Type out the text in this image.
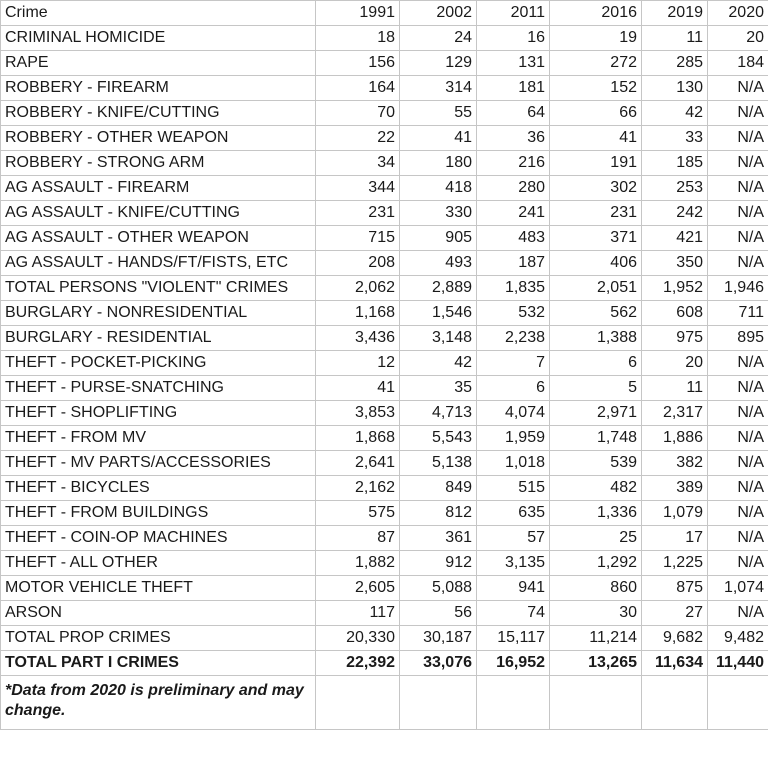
Crime	1991	2002	2011	2016	2019	2020
CRIMINAL HOMICIDE	18	24	16	19	11	20
RAPE	156	129	131	272	285	184
ROBBERY - FIREARM	164	314	181	152	130	N/A
ROBBERY - KNIFE/CUTTING	70	55	64	66	42	N/A
ROBBERY - OTHER WEAPON	22	41	36	41	33	N/A
ROBBERY - STRONG ARM	34	180	216	191	185	N/A
AG ASSAULT - FIREARM	344	418	280	302	253	N/A
AG ASSAULT - KNIFE/CUTTING	231	330	241	231	242	N/A
AG ASSAULT - OTHER WEAPON	715	905	483	371	421	N/A
AG ASSAULT - HANDS/FT/FISTS, ETC	208	493	187	406	350	N/A
TOTAL PERSONS "VIOLENT" CRIMES	2,062	2,889	1,835	2,051	1,952	1,946
BURGLARY - NONRESIDENTIAL	1,168	1,546	532	562	608	711
BURGLARY - RESIDENTIAL	3,436	3,148	2,238	1,388	975	895
THEFT - POCKET-PICKING	12	42	7	6	20	N/A
THEFT - PURSE-SNATCHING	41	35	6	5	11	N/A
THEFT - SHOPLIFTING	3,853	4,713	4,074	2,971	2,317	N/A
THEFT - FROM MV	1,868	5,543	1,959	1,748	1,886	N/A
THEFT - MV PARTS/ACCESSORIES	2,641	5,138	1,018	539	382	N/A
THEFT - BICYCLES	2,162	849	515	482	389	N/A
THEFT - FROM BUILDINGS	575	812	635	1,336	1,079	N/A
THEFT - COIN-OP MACHINES	87	361	57	25	17	N/A
THEFT - ALL OTHER	1,882	912	3,135	1,292	1,225	N/A
MOTOR VEHICLE THEFT	2,605	5,088	941	860	875	1,074
ARSON	117	56	74	30	27	N/A
TOTAL PROP CRIMES	20,330	30,187	15,117	11,214	9,682	9,482
TOTAL PART I CRIMES	22,392	33,076	16,952	13,265	11,634	11,440
*Data from 2020 is preliminary and may change.						
